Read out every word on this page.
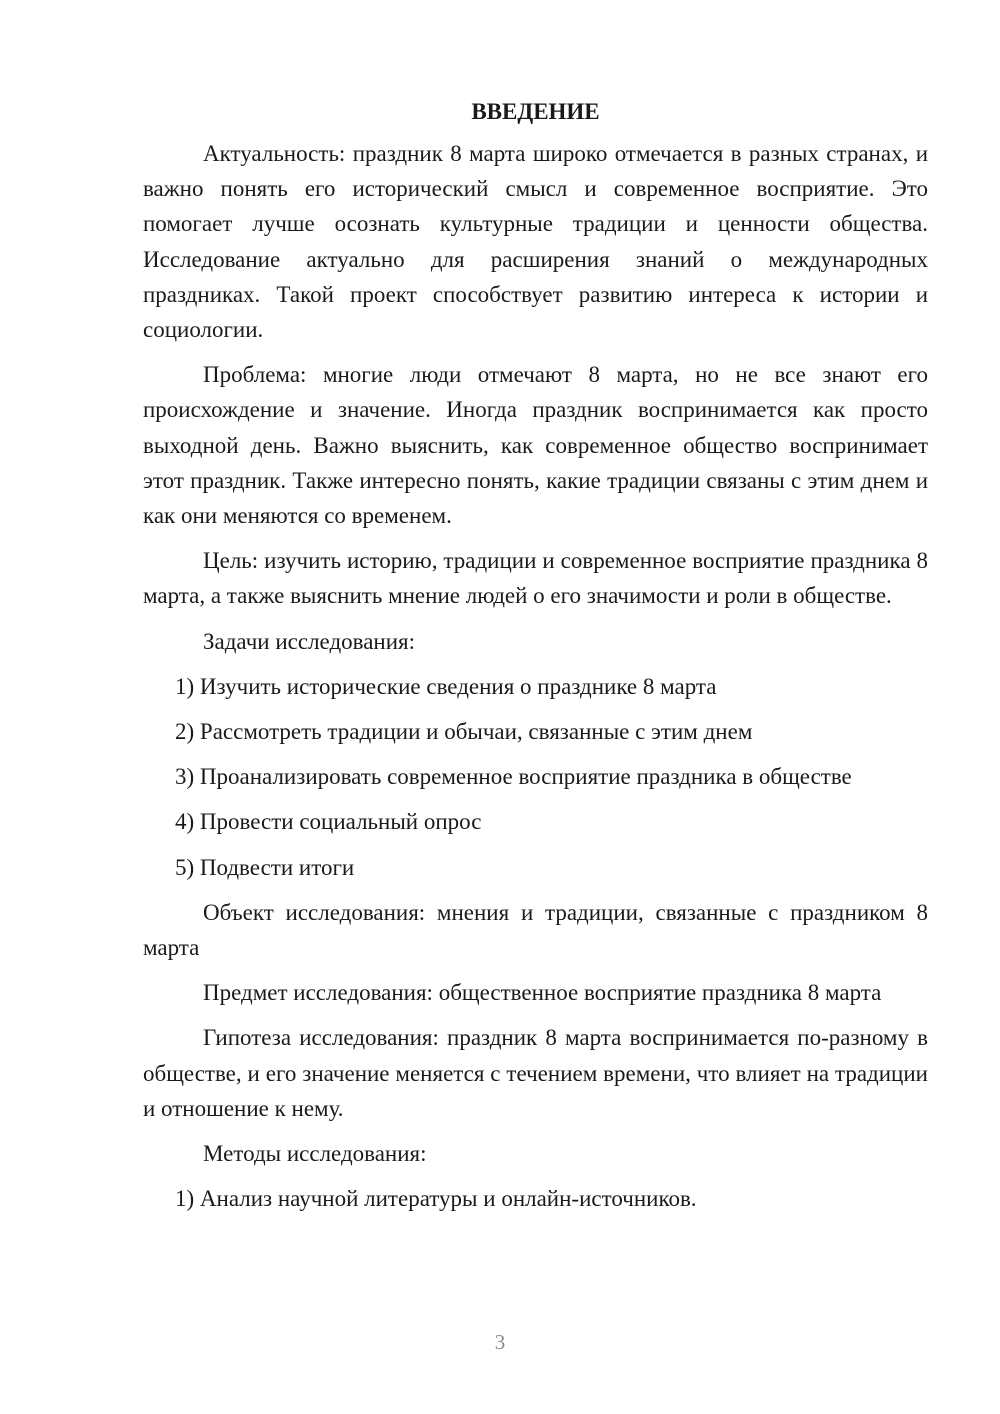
ВВЕДЕНИЕ

Актуальность: праздник 8 марта широко отмечается в разных странах, и важно понять его исторический смысл и современное восприятие. Это помогает лучше осознать культурные традиции и ценности общества. Исследование актуально для расширения знаний о международных праздниках. Такой проект способствует развитию интереса к истории и социологии.

Проблема: многие люди отмечают 8 марта, но не все знают его происхождение и значение. Иногда праздник воспринимается как просто выходной день. Важно выяснить, как современное общество воспринимает этот праздник. Также интересно понять, какие традиции связаны с этим днем и как они меняются со временем.

Цель: изучить историю, традиции и современное восприятие праздника 8 марта, а также выяснить мнение людей о его значимости и роли в обществе.

Задачи исследования:

1) Изучить исторические сведения о празднике 8 марта

2) Рассмотреть традиции и обычаи, связанные с этим днем

3) Проанализировать современное восприятие праздника в обществе

4) Провести социальный опрос

5) Подвести итоги

Объект исследования: мнения и традиции, связанные с праздником 8 марта

Предмет исследования: общественное восприятие праздника 8 марта

Гипотеза исследования: праздник 8 марта воспринимается по-разному в обществе, и его значение меняется с течением времени, что влияет на традиции и отношение к нему.

Методы исследования:

1) Анализ научной литературы и онлайн-источников.

3
